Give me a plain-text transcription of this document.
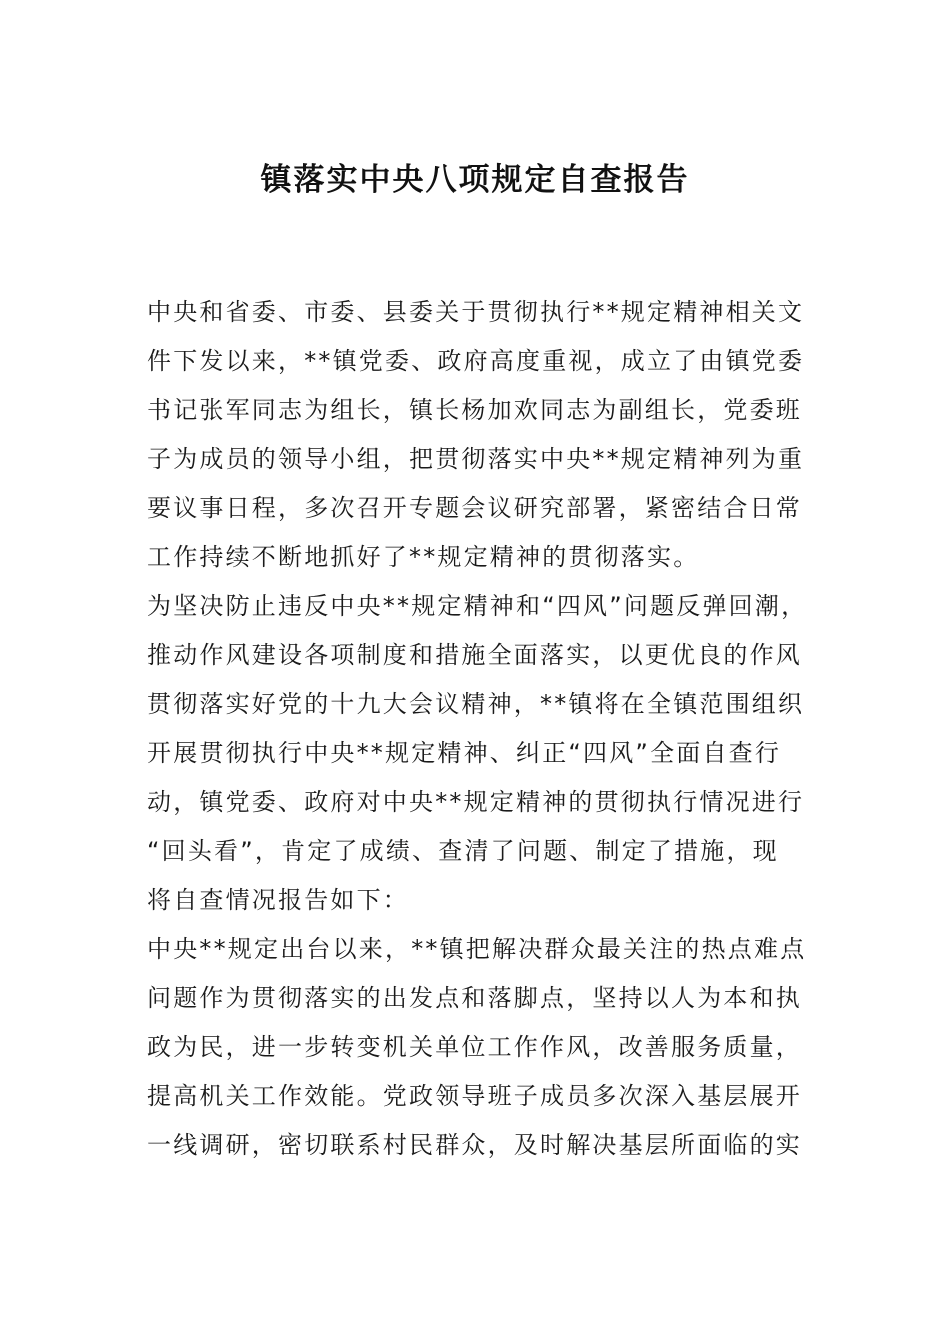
镇落实中央八项规定自查报告
中央和省委、市委、县委关于贯彻执行**规定精神相关文
件下发以来，**镇党委、政府高度重视，成立了由镇党委
书记张军同志为组长，镇长杨加欢同志为副组长，党委班
子为成员的领导小组，把贯彻落实中央**规定精神列为重
要议事日程，多次召开专题会议研究部署，紧密结合日常
工作持续不断地抓好了**规定精神的贯彻落实。
为坚决防止违反中央**规定精神和“四风”问题反弹回潮，
推动作风建设各项制度和措施全面落实，以更优良的作风
贯彻落实好党的十九大会议精神，**镇将在全镇范围组织
开展贯彻执行中央**规定精神、纠正“四风”全面自查行
动，镇党委、政府对中央**规定精神的贯彻执行情况进行
“回头看”，肯定了成绩、查清了问题、制定了措施，现
将自查情况报告如下：
中央**规定出台以来，**镇把解决群众最关注的热点难点
问题作为贯彻落实的出发点和落脚点，坚持以人为本和执
政为民，进一步转变机关单位工作作风，改善服务质量，
提高机关工作效能。党政领导班子成员多次深入基层展开
一线调研，密切联系村民群众，及时解决基层所面临的实
